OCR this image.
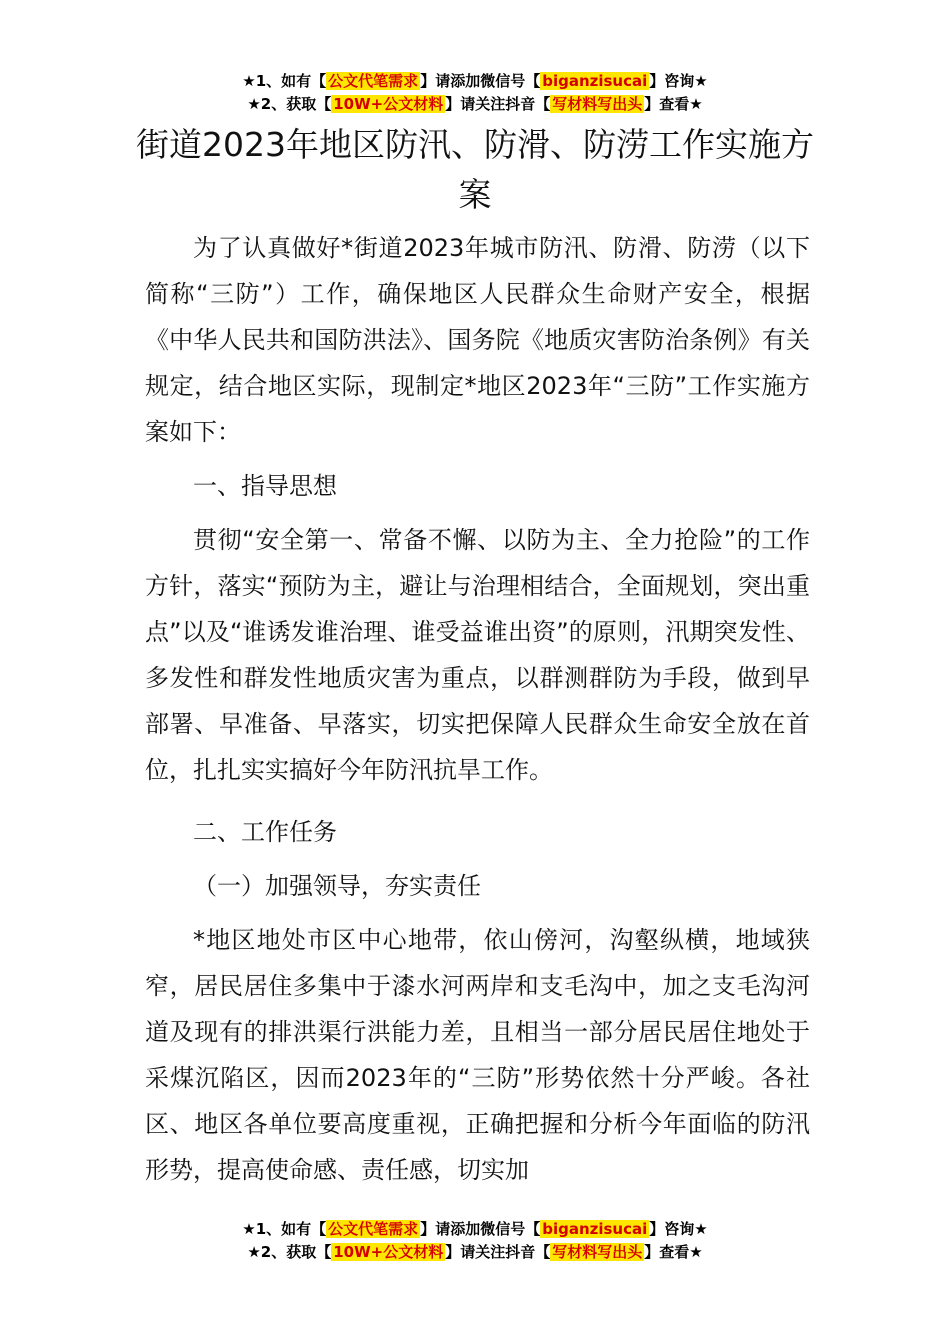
★1、如有【 公文代笔需求 】请添加微信号【 biganzisucai 】咨询★
★2、获取【 10W+公文材料 】请关注抖音【 写材料写出头 】查看★
街道2023年地区防汛、防滑、防涝工作实施方案

为了认真做好*街道2023年城市防汛、防滑、防涝（以下简称“三防”）工作，确保地区人民群众生命财产安全，根据《中华人民共和国防洪法》、国务院《地质灾害防治条例》有关规定，结合地区实际，现制定*地区2023年“三防”工作实施方案如下：

一、指导思想

贯彻“安全第一、常备不懈、以防为主、全力抢险”的工作方针，落实“预防为主，避让与治理相结合，全面规划，突出重点”以及“谁诱发谁治理、谁受益谁出资”的原则，汛期突发性、多发性和群发性地质灾害为重点，以群测群防为手段，做到早部署、早准备、早落实，切实把保障人民群众生命安全放在首位，扎扎实实搞好今年防汛抗旱工作。

二、工作任务

（一）加强领导，夯实责任

*地区地处市区中心地带，依山傍河，沟壑纵横，地域狭窄，居民居住多集中于漆水河两岸和支毛沟中，加之支毛沟河道及现有的排洪渠行洪能力差，且相当一部分居民居住地处于采煤沉陷区，因而2023年的“三防”形势依然十分严峻。各社区、地区各单位要高度重视，正确把握和分析今年面临的防汛形势，提高使命感、责任感，切实加

★1、如有【 公文代笔需求 】请添加微信号【 biganzisucai 】咨询★
★2、获取【 10W+公文材料 】请关注抖音【 写材料写出头 】查看★
